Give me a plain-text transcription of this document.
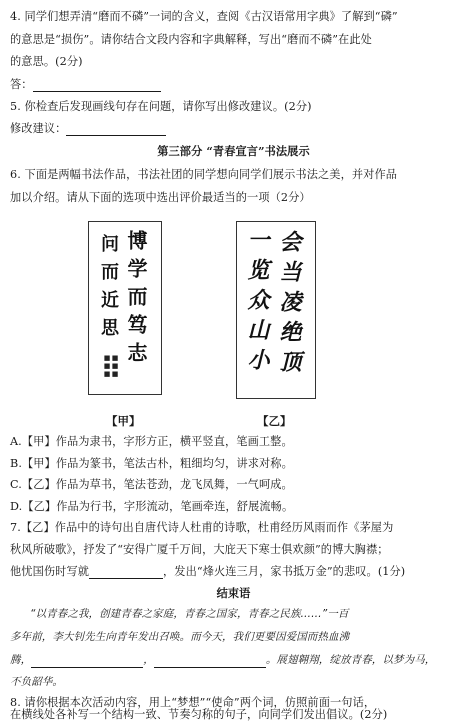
4. 同学们想弄清“磨而不磷”一词的含义，查阅《古汉语常用字典》了解到“磷”
的意思是“损伤”。请你结合文段内容和字典解释，写出“磨而不磷”在此处
的意思。(2分)
答：
5. 你检查后发现画线句存在问题，请你写出修改建议。(2分)
修改建议：
第三部分 “青春宣言”书法展示
6. 下面是两幅书法作品，书法社团的同学想向同学们展示书法之美，并对作品
加以介绍。请从下面的选项中选出评价最适当的一项（2分）
博学而笃志
问而近思
■■■
■■■
【甲】
会当凌绝顶
一览众山小
【乙】
A.【甲】作品为隶书，字形方正，横平竖直，笔画工整。
B.【甲】作品为篆书，笔法古朴，粗细均匀，讲求对称。
C.【乙】作品为草书，笔法苍劲，龙飞凤舞，一气呵成。
D.【乙】作品为行书，字形流动，笔画牵连，舒展流畅。
7.【乙】作品中的诗句出自唐代诗人杜甫的诗歌，杜甫经历风雨而作《茅屋为
秋风所破歌》，抒发了“安得广厦千万间，大庇天下寒士俱欢颜”的博大胸襟；
他忧国伤时写就	，发出“烽火连三月，家书抵万金”的悲叹。(1分)
结束语
“以青春之我，创建青春之家庭，青春之国家，青春之民族……”一百
多年前，李大钊先生向青年发出召唤。而今天，我们更要因爱国而热血沸
腾，	，	。展翅翱翔，绽放青春，以梦为马，
不负韶华。
8. 请你根据本次活动内容，用上“梦想”“使命”两个词，仿照前面一句话，
在横线处各补写一个结构一致、节奏匀称的句子，向同学们发出倡议。(2分)
